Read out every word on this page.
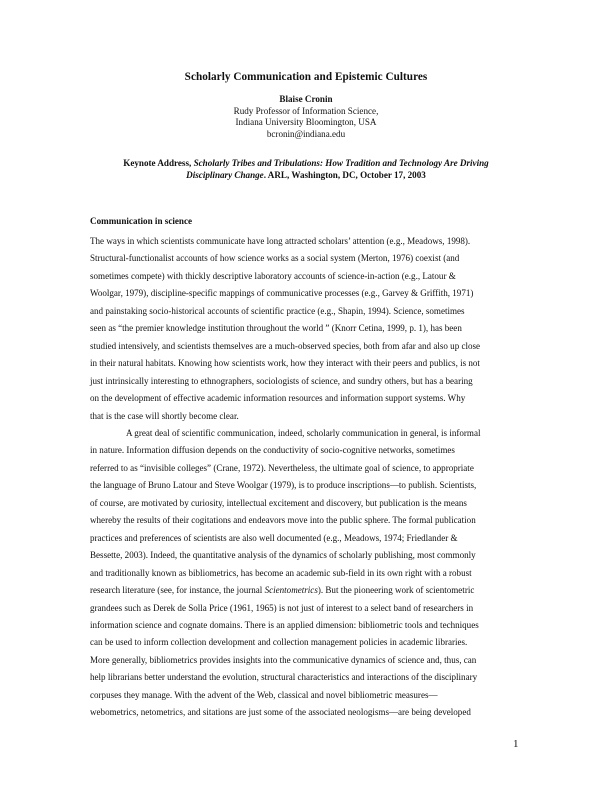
Scholarly Communication and Epistemic Cultures
Blaise Cronin
Rudy Professor of Information Science,
Indiana University Bloomington, USA
bcronin@indiana.edu
Keynote Address, Scholarly Tribes and Tribulations: How Tradition and Technology Are Driving
Disciplinary Change. ARL, Washington, DC, October 17, 2003
Communication in science

The ways in which scientists communicate have long attracted scholars’ attention (e.g., Meadows, 1998).
Structural-functionalist accounts of how science works as a social system (Merton, 1976) coexist (and
sometimes compete) with thickly descriptive laboratory accounts of science-in-action (e.g., Latour &
Woolgar, 1979), discipline-specific mappings of communicative processes (e.g., Garvey & Griffith, 1971)
and painstaking socio-historical accounts of scientific practice (e.g., Shapin, 1994). Science, sometimes
seen as “the premier knowledge institution throughout the world ” (Knorr Cetina, 1999, p. 1), has been
studied intensively, and scientists themselves are a much-observed species, both from afar and also up close
in their natural habitats. Knowing how scientists work, how they interact with their peers and publics, is not
just intrinsically interesting to ethnographers, sociologists of science, and sundry others, but has a bearing
on the development of effective academic information resources and information support systems. Why
that is the case will shortly become clear.

A great deal of scientific communication, indeed, scholarly communication in general, is informal
in nature. Information diffusion depends on the conductivity of socio-cognitive networks, sometimes
referred to as “invisible colleges” (Crane, 1972). Nevertheless, the ultimate goal of science, to appropriate
the language of Bruno Latour and Steve Woolgar (1979), is to produce inscriptions—to publish. Scientists,
of course, are motivated by curiosity, intellectual excitement and discovery, but publication is the means
whereby the results of their cogitations and endeavors move into the public sphere. The formal publication
practices and preferences of scientists are also well documented (e.g., Meadows, 1974; Friedlander &
Bessette, 2003). Indeed, the quantitative analysis of the dynamics of scholarly publishing, most commonly
and traditionally known as bibliometrics, has become an academic sub-field in its own right with a robust
research literature (see, for instance, the journal Scientometrics). But the pioneering work of scientometric
grandees such as Derek de Solla Price (1961, 1965) is not just of interest to a select band of researchers in
information science and cognate domains. There is an applied dimension: bibliometric tools and techniques
can be used to inform collection development and collection management policies in academic libraries.
More generally, bibliometrics provides insights into the communicative dynamics of science and, thus, can
help librarians better understand the evolution, structural characteristics and interactions of the disciplinary
corpuses they manage. With the advent of the Web, classical and novel bibliometric measures—
webometrics, netometrics, and sitations are just some of the associated neologisms—are being developed

1
